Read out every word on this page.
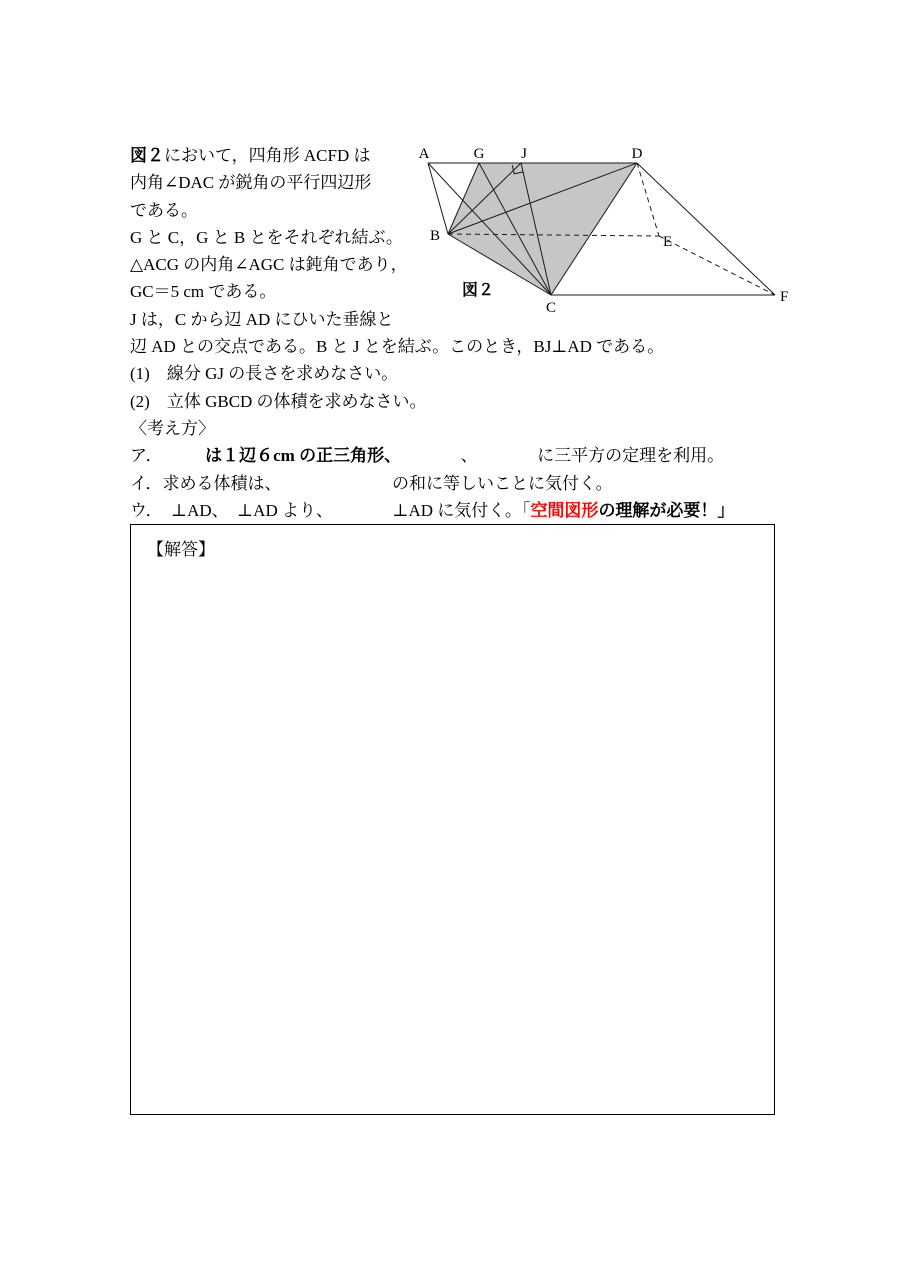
図２において，四角形 ACFD は
内角∠DAC が鋭角の平行四辺形
である。
G と C，G と B とをそれぞれ結ぶ。
△ACG の内角∠AGC は鈍角であり，
GC＝5 cm である。
J は，C から辺 AD にひいた垂線と
辺 AD との交点である。B と J とを結ぶ。このとき，BJ⊥AD である。
(1)　線分 GJ の長さを求めなさい。
(2)　立体 GBCD の体積を求めなさい。
〈考え方〉
ア．　　　は１辺６cm の正三角形、　　　　、　　　　に三平方の定理を利用。
イ．求める体積は、　　　　　　　の和に等しいことに気付く。
ウ．　⊥AD、　⊥AD より、　　　　⊥AD に気付く。「空間図形の理解が必要！」
A	G J	D
B	E
C
F
図２
【解答】
